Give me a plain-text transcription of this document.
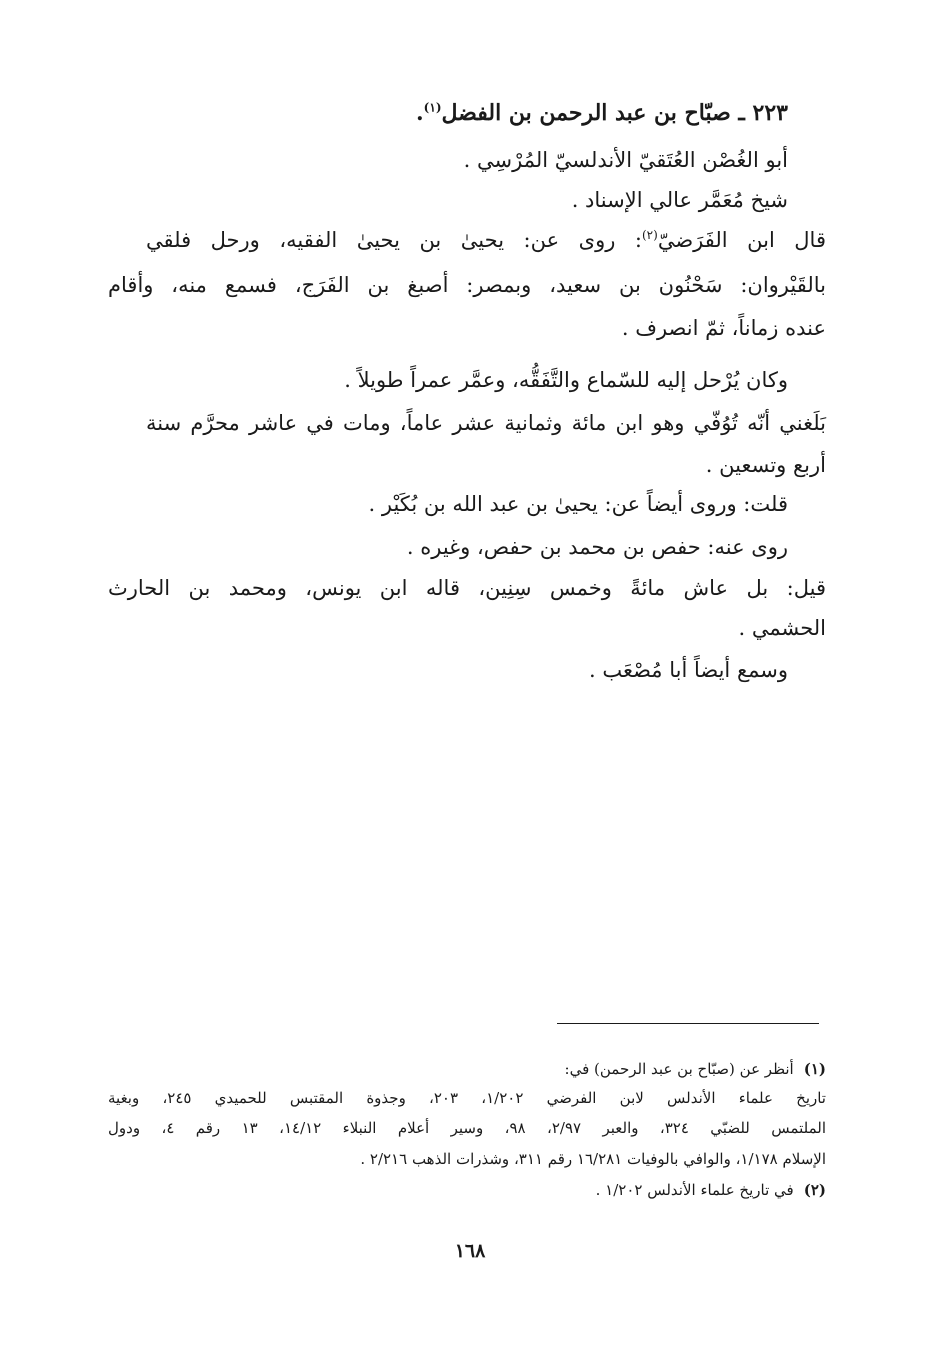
٢٢٣ ـ صبّاح بن عبد الرحمن بن الفضل$^{(١)}$.
أبو الغُصْن العُتَقيّ الأندلسيّ المُرْسِي .
شيخ مُعَمَّر عالي الإسناد .
قال ابن الفَرَضيّ$^{(٢)}$: روى عن: يحيىٰ بن يحيىٰ الفقيه، ورحل فلقي
بالقَيْروان: سَحْنُون بن سعيد، وبمصر: أصبغ بن الفَرَج، فسمع منه، وأقام
عنده زماناً، ثمّ انصرف .
وكان يُرْحل إليه للسّماع والتَّفَقُّه، وعمَّر عمراً طويلاً .
بَلَغني أنّه تُوُفّي وهو ابن مائة وثمانية عشر عاماً، ومات في عاشر محرَّم سنة
أربع وتسعين .
قلت: وروى أيضاً عن: يحيىٰ بن عبد الله بن بُكَيْر .
روى عنه: حفص بن محمد بن حفص، وغيره .
قيل: بل عاش مائةً وخمس سِنِين، قاله ابن يونس، ومحمد بن الحارث
الحشمي .
وسمع أيضاً أبا مُصْعَب .
(١)أنظر عن (صبّاح بن عبد الرحمن) في:
تاريخ علماء الأندلس لابن الفرضي ١/٢٠٢، ٢٠٣، وجذوة المقتبس للحميدي ٢٤٥، وبغية
الملتمس للضبّي ٣٢٤، والعبر ٢/٩٧، ٩٨، وسير أعلام النبلاء ١٤/١٢، ١٣ رقم ٤، ودول
الإسلام ١/١٧٨، والوافي بالوفيات ١٦/٢٨١ رقم ٣١١، وشذرات الذهب ٢/٢١٦ .
(٢)في تاريخ علماء الأندلس ١/٢٠٢ .
١٦٨
